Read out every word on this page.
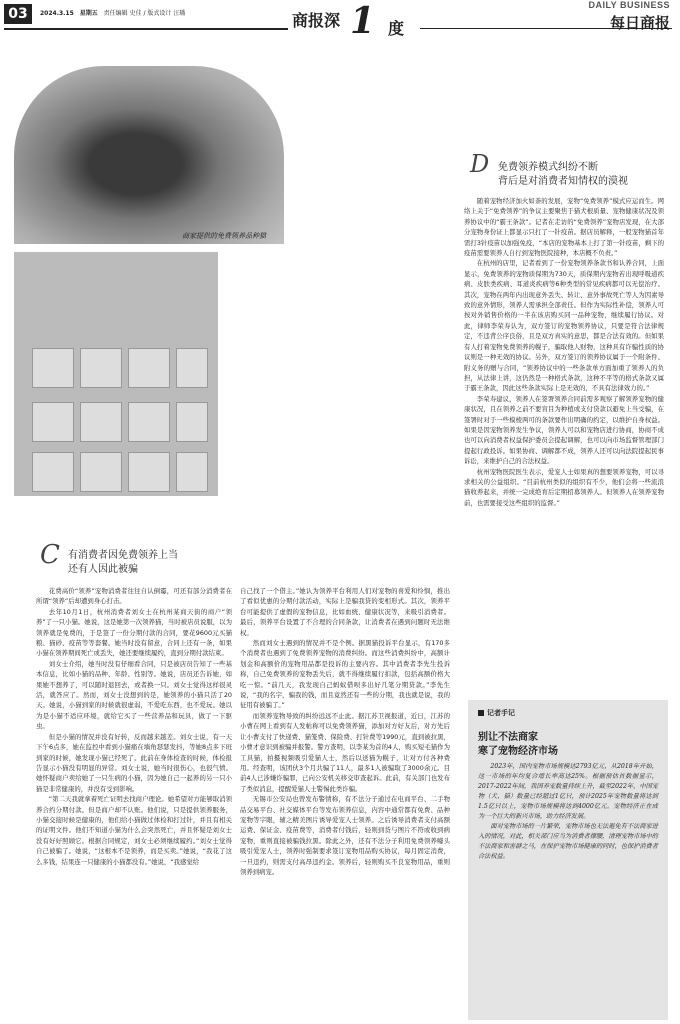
03	2024.3.15 星期五 责任编辑 史佳 / 版式设计 汪璠	商报深 1 度
DAILY BUSINESS
每日商报
商家提供的免费领养品种猫
D 免费领养模式纠纷不断
背后是对消费者知情权的漠视

随着宠物经济加火如荼的发展，宠物“免费领养”模式应运而生。网络上关于“免费领养”的争议主要聚焦于猫犬根质量、宠物健康状况及领养协议中的“霸王条款”。记者在走访的“免费领养”宠物店发现，在大部分宠物身份证上都显示只打了一针疫苗。据店员解释，一般宠物猫首年需打3针疫苗以加强免疫，“本店的宠物基本上打了第一针疫苗，剩下的疫苗需要领养人自行到宠物医院接种，本店概不负责。”

在杭州的店里，记者看到了一份宠物领养条款书和认养合同，上面显示，免费领养的宠物质保期为730天，质保期内宠物若出现呼吸道疾病、皮肤类疾病、耳道炎疾病等6种类型的常见疾病都可以无偿治疗。其次，宠物在两年内出现意外丢失、转让、意外事故死亡等人为因素导致的意外情形，领养人需承担全部责任。但作为实际性补偿，领养人可按对外销售价格的一半在该店购买同一品种宠物，继续履行协议。对此，律师李荣寿认为，双方签订的宠物领养协议，只要是符合法律规定，不违背公序良俗，且是双方真实的意思，都是合法有效的。但如果有人打着宠物免费领养的幌子，骗取他人财物，这种具有诈骗性质的协议则是一种无效的协议。另外，双方签订的领养协议属于一个附条件、附义务的赠与合同，“领养协议中的一些条款单方面加重了领养人的负担，从法律上讲，这仍然是一种格式条款，这种不平等的格式条款又属于霸王条款，因此这些条款实际上是无效的，不具有法律效力的。”

李荣寿建议，领养人在签署领养合同前需多观察了解领养宠物的健康状况，且在领养之前不要盲目为种植或支付贷款以避免上当受骗，在签署时对于一些模棱两可的条款要作出明确的约定，以维护自身权益。如果是因宠物领养发生争议，领养人可以和宠物店进行协商，协商不成也可以向消费者权益保护委员会提起调解，也可以向市场监督管理部门提起行政投诉。如果协商、调解都不成，领养人还可以向法院提起民事诉讼，来维护自己的合法权益。

杭州宠物医院医生表示，爱宠人士如果真的想要领养宠物，可以寻求相关的公益组织。“目前杭州类似的组织有不少，他们会将一些流浪猫收养起来，并统一完成绝育后定期招募领养人。但领养人在领养宠物前，也需要接受这些组织的监督。”

C 有消费者因免费领养上当
还有人因此被骗

花费高价“领养”宠物消费者往往自认倒霉，可还有部分消费者在所谓“领养”后却遭到身心打击。

去年10月1日，杭州消费者刘女士在杭州某商天街的商户“领养”了一只小猫。她说，这是她第一次领养猫，当时被店员说服，以为领养就是免费的，于是签了一份分期付款的合同，要花9600元买猫粮、猫砂、疫苗等等套餐。她当时没有留意，合同上还有一条，如果小猫在领养期间死亡或丢失，她还要继续履约，直到分期付款结束。

刘女士介绍，她当时没有仔细看合同，只是被店员告知了一些基本信息，比如小猫的品种、年龄、性别等。她说，店员还告诉她，如果她不想养了，可以随时退回去，或者换一只。刘女士觉得这样很灵活，就答应了。然而，刘女士没想到的是，她领养的小猫只活了20天。她说，小猫到家的时候就很虚弱，不爱吃东西，也不爱玩。她以为是小猫不适应环境，就给它买了一些营养品和玩具，做了一下驱虫。

但是小猫的情况并没有好转，反而越来越差。刘女士说，有一天下午6点多，她在监控中看到小猫痛在墙角瑟瑟发抖，等她8点多下班到家的时候，她发现小猫已经死了。此前在身体检查的时候，体检报告显示小猫没有明显的异常。刘女士说，她当时很伤心，也很气愤。她怀疑商户卖给她了一只生病的小猫，因为她自己一起养的另一只小猫是非常健康的，并没有受到影响。

“第二天我就拿着死亡证明去找商户理论。她希望对方能够取消领养合约分期付款。但是商户却不认账。他们说，只是提供领养服务，小猫交接时候是健康的，他们给小猫做过体检和打过针，并且有相关的证明文件。他们不知道小猫为什么会突然死亡，并且怀疑是刘女士没有好好照顾它。根据合同规定，刘女士必须继续履约。”刘女士觉得自己被骗了。她说，“这根本不是领养，而是买卖。”她说，“我花了这么多钱，结果连一只健康的小猫都没有。”她说，“我感觉给

自己找了一个借主。”她认为领养平台利用人们对宠物的喜爱和怜悯，推出了看似优惠的分期付款活动，实际上是骗我贷的变相形式。其次，领养平台可能提供了虚假的宠物信息，比如血统、健康状况等，来吸引消费者。最后，领养平台设置了不合理的合同条款，让消费者在遇到问题时无法维权。

然而刘女士遇到的情况并不是个例。据黑猫投诉平台显示，有170多个消费者也遇到了免费领养宠物的消费纠纷。而这些消费纠纷中，高额计划金和高额价的宠物用品都是投诉的主要内容。其中消费者李先生投诉称，自己免费领养的宠物丢失后，就不得继续履行扣款，包括高额价格大吃一惊。“前几天，我发现自己蚂蚁借呗多出好几笔分期贷款。”李先生说，“我的名字，骗我的钱，而且竟然还有一些的分期，我也就是说，我的征用有被骗了。”

而领养宠物导致的纠纷远远不止此。据江苏卫视报道，近日，江苏的小曹在网上看到有人发帖称可以免费领养猫，添加对方好友后，对方先后让小曹支付了快递费、猫笼费、保险费、打针费等1990元，直到被拉黑，小曹才意识到被骗并报警。警方查明，以李某为首的4人，购买短毛猫作为工具猫，拍摄视频吸引爱猫人士，然后以送猫为幌子，让对方付各种费用。经查明，该团伙3个月共骗了11人，最多1人被骗取了3000余元。目前4人已涉嫌诈骗罪，已向公安机关移交审查起诉。此前，有关部门也发布了类似消息，提醒爱猫人士警惕此类诈骗。

无锡市公安局也曾发布警情称，有不法分子通过在电商平台、二手物品交易平台、社交媒体平台等发布领养信息，内容中通常都有免费、品种宠物等字眼，辅之精美图片诱导爱宠人士领养。之后诱导消费者支付高额运费、保证金、疫苗费等，消费者付钱后，轻则到货与图片不符或收到病宠物，重则直接被骗钱拉黑。除此之外，还有不法分子利用免费领养噱头吸引爱宠人士，领养时强制要求签订宠物用品购买协议，每月固定消费，一旦违约，则需支付高昂违约金。领养后，轻则购买不良宠物用品，重则领养到病宠。

记者手记
别让不法商家
寒了宠物经济市场

2023年，国内宠物市场规模达2793亿元，从2018年开始，这一市场的年均复合增长率高达25%。根据预估首数据显示，2017-2022年间，我国养宠数量持续上升，截至2022年，中国宠物（犬、猫）数量已经超过1亿只，预计2025年宠物数量将达到1.5亿只以上，宠物市场规模将达到4000亿元。宠物经济正在成为一个巨大的新兴市场，助力经济发展。

面对宠物市场的一片繁荣，宠物市场也无法避免有不法商家进入的情况，对此，相关部门应当为消费者撑腰，清理宠物市场中的不法商家和害群之马，在保护宠物市场健康的同时，也保护消费者合法权益。
